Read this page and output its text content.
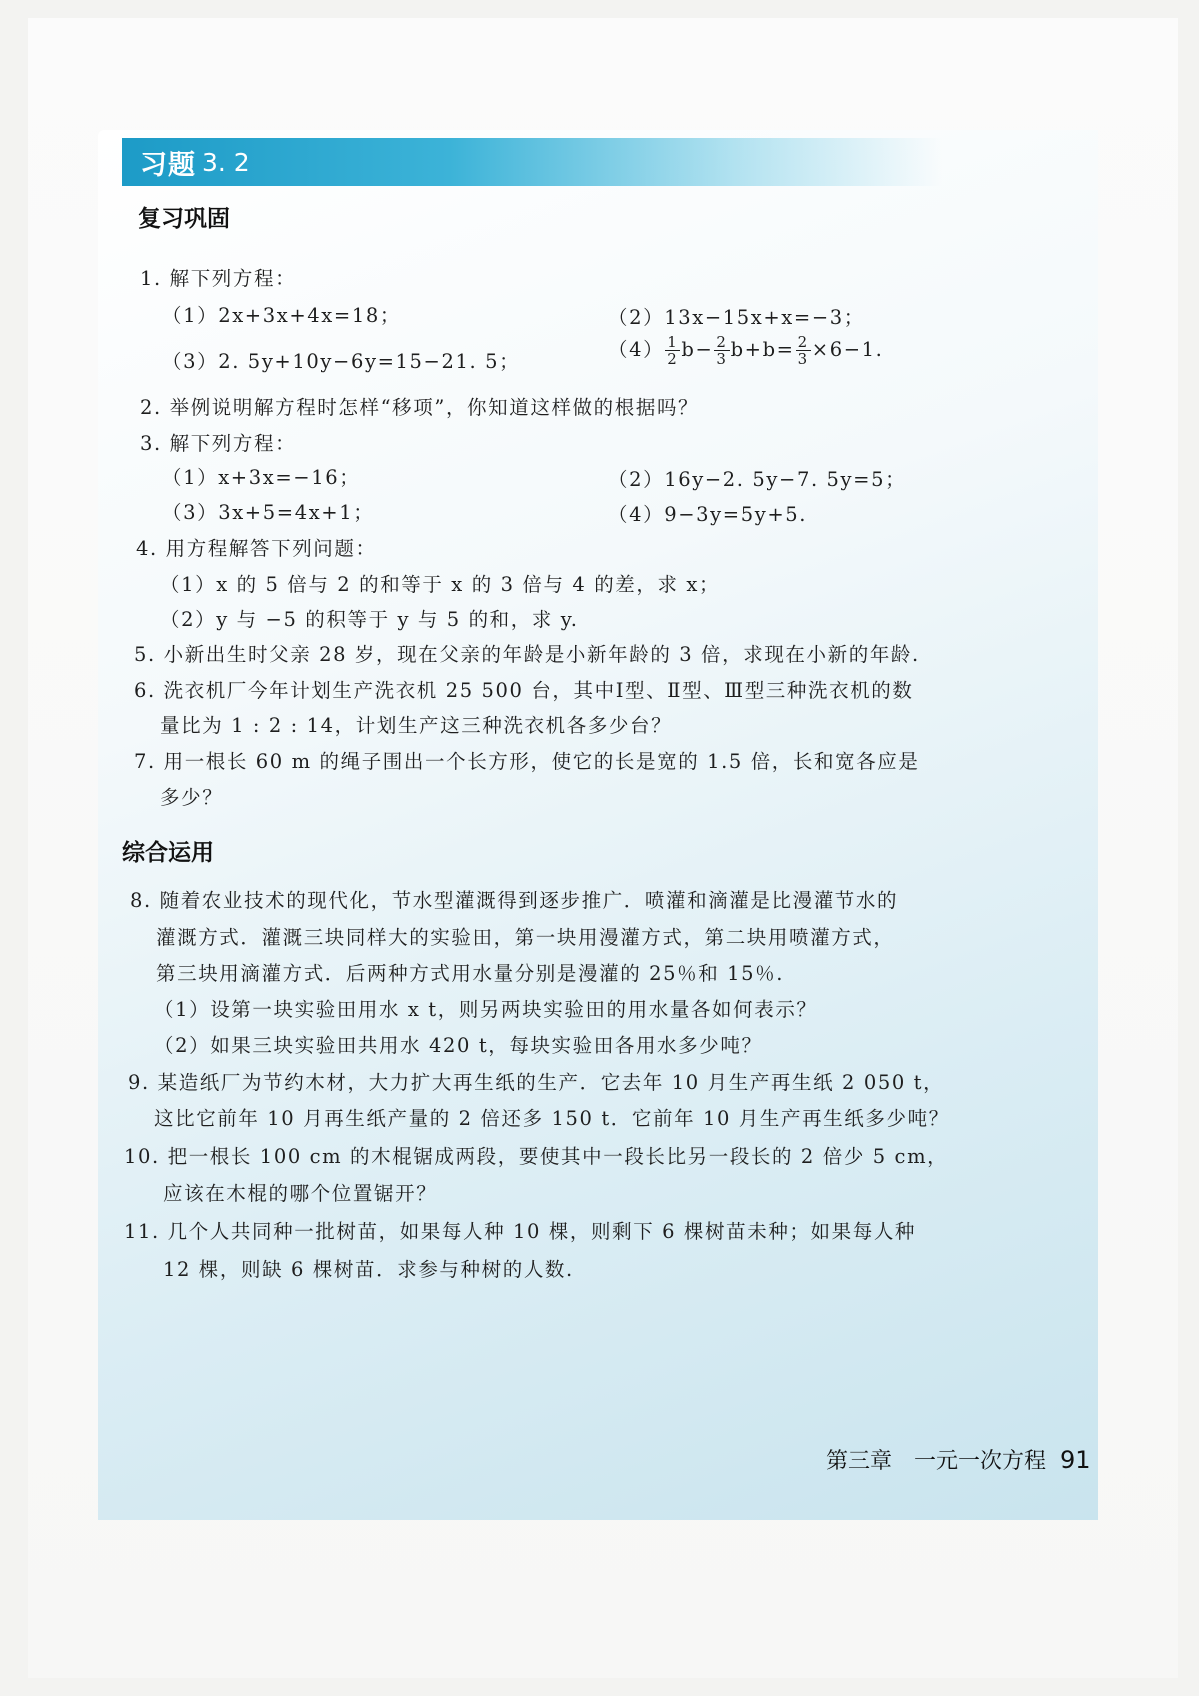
习题 3. 2
复习巩固
1. 解下列方程：
（1）2x+3x+4x=18；	（2）13x−15x+x=−3；
（3）2. 5y+10y−6y=15−21. 5；
$(4) \frac{1}{2} b- \frac{2}{3} b+b= \frac{2}{3} \times 6-1$.
2. 举例说明解方程时怎样“移项”，你知道这样做的根据吗？
3. 解下列方程：
（1）x+3x=−16；	（2）16y−2. 5y−7. 5y=5；
（3）3x+5=4x+1；	（4）9−3y=5y+5.
4. 用方程解答下列问题：
（1）x 的 5 倍与 2 的和等于 x 的 3 倍与 4 的差，求 x；
（2）y 与 −5 的积等于 y 与 5 的和，求 y.
5. 小新出生时父亲 28 岁，现在父亲的年龄是小新年龄的 3 倍，求现在小新的年龄.
6. 洗衣机厂今年计划生产洗衣机 25 500 台，其中Ⅰ型、Ⅱ型、Ⅲ型三种洗衣机的数
量比为 1 : 2 : 14，计划生产这三种洗衣机各多少台？
7. 用一根长 60 m 的绳子围出一个长方形，使它的长是宽的 1.5 倍，长和宽各应是
多少？
综合运用
8. 随着农业技术的现代化，节水型灌溉得到逐步推广．喷灌和滴灌是比漫灌节水的
灌溉方式．灌溉三块同样大的实验田，第一块用漫灌方式，第二块用喷灌方式，
第三块用滴灌方式．后两种方式用水量分别是漫灌的 25％和 15％.
（1）设第一块实验田用水 x t，则另两块实验田的用水量各如何表示？
（2）如果三块实验田共用水 420 t，每块实验田各用水多少吨？
9. 某造纸厂为节约木材，大力扩大再生纸的生产．它去年 10 月生产再生纸 2 050 t，
这比它前年 10 月再生纸产量的 2 倍还多 150 t．它前年 10 月生产再生纸多少吨？
10. 把一根长 100 cm 的木棍锯成两段，要使其中一段长比另一段长的 2 倍少 5 cm，
应该在木棍的哪个位置锯开？
11. 几个人共同种一批树苗，如果每人种 10 棵，则剩下 6 棵树苗未种；如果每人种
12 棵，则缺 6 棵树苗．求参与种树的人数.
第三章　一元一次方程 91
